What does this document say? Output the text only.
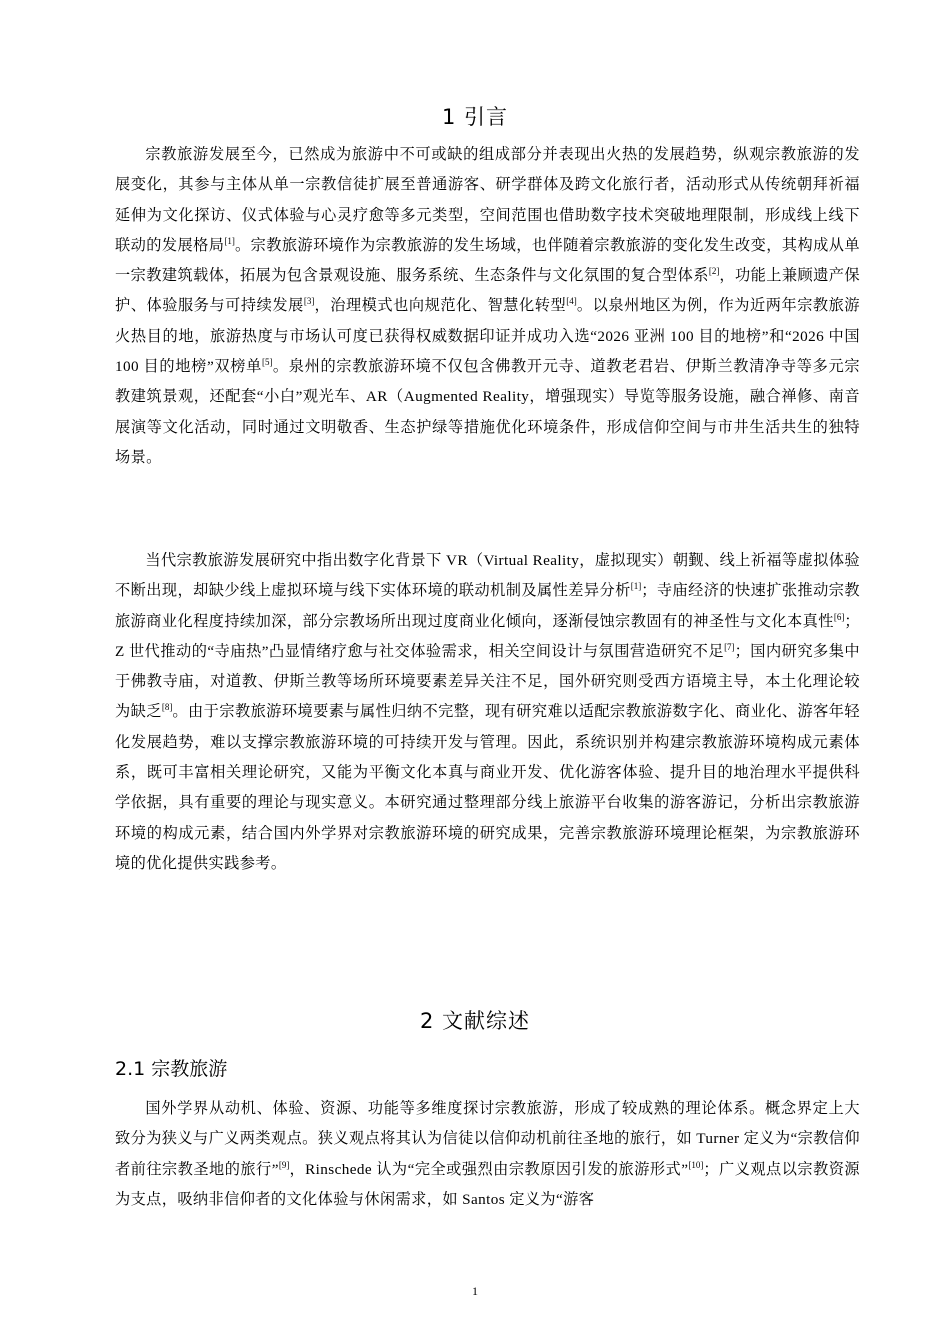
1 引言

宗教旅游发展至今，已然成为旅游中不可或缺的组成部分并表现出火热的发展趋势，纵观宗教旅游的发展变化，其参与主体从单一宗教信徒扩展至普通游客、研学群体及跨文化旅行者，活动形式从传统朝拜祈福延伸为文化探访、仪式体验与心灵疗愈等多元类型，空间范围也借助数字技术突破地理限制，形成线上线下联动的发展格局[1]。宗教旅游环境作为宗教旅游的发生场域，也伴随着宗教旅游的变化发生改变，其构成从单一宗教建筑载体，拓展为包含景观设施、服务系统、生态条件与文化氛围的复合型体系[2]，功能上兼顾遗产保护、体验服务与可持续发展[3]，治理模式也向规范化、智慧化转型[4]。以泉州地区为例，作为近两年宗教旅游火热目的地，旅游热度与市场认可度已获得权威数据印证并成功入选“2026 亚洲 100 目的地榜”和“2026 中国 100 目的地榜”双榜单[5]。泉州的宗教旅游环境不仅包含佛教开元寺、道教老君岩、伊斯兰教清净寺等多元宗教建筑景观，还配套“小白”观光车、AR（Augmented Reality，增强现实）导览等服务设施，融合禅修、南音展演等文化活动，同时通过文明敬香、生态护绿等措施优化环境条件，形成信仰空间与市井生活共生的独特场景。

当代宗教旅游发展研究中指出数字化背景下 VR（Virtual Reality，虚拟现实）朝觐、线上祈福等虚拟体验不断出现，却缺少线上虚拟环境与线下实体环境的联动机制及属性差异分析[1]；寺庙经济的快速扩张推动宗教旅游商业化程度持续加深，部分宗教场所出现过度商业化倾向，逐渐侵蚀宗教固有的神圣性与文化本真性[6]；Z 世代推动的“寺庙热”凸显情绪疗愈与社交体验需求，相关空间设计与氛围营造研究不足[7]；国内研究多集中于佛教寺庙，对道教、伊斯兰教等场所环境要素差异关注不足，国外研究则受西方语境主导，本土化理论较为缺乏[8]。由于宗教旅游环境要素与属性归纳不完整，现有研究难以适配宗教旅游数字化、商业化、游客年轻化发展趋势，难以支撑宗教旅游环境的可持续开发与管理。因此，系统识别并构建宗教旅游环境构成元素体系，既可丰富相关理论研究，又能为平衡文化本真与商业开发、优化游客体验、提升目的地治理水平提供科学依据，具有重要的理论与现实意义。本研究通过整理部分线上旅游平台收集的游客游记，分析出宗教旅游环境的构成元素，结合国内外学界对宗教旅游环境的研究成果，完善宗教旅游环境理论框架，为宗教旅游环境的优化提供实践参考。

2 文献综述
2.1 宗教旅游

国外学界从动机、体验、资源、功能等多维度探讨宗教旅游，形成了较成熟的理论体系。概念界定上大致分为狭义与广义两类观点。狭义观点将其认为信徒以信仰动机前往圣地的旅行，如 Turner 定义为“宗教信仰者前往宗教圣地的旅行”[9]，Rinschede 认为“完全或强烈由宗教原因引发的旅游形式”[10]；广义观点以宗教资源为支点，吸纳非信仰者的文化体验与休闲需求，如 Santos 定义为“游客

1
